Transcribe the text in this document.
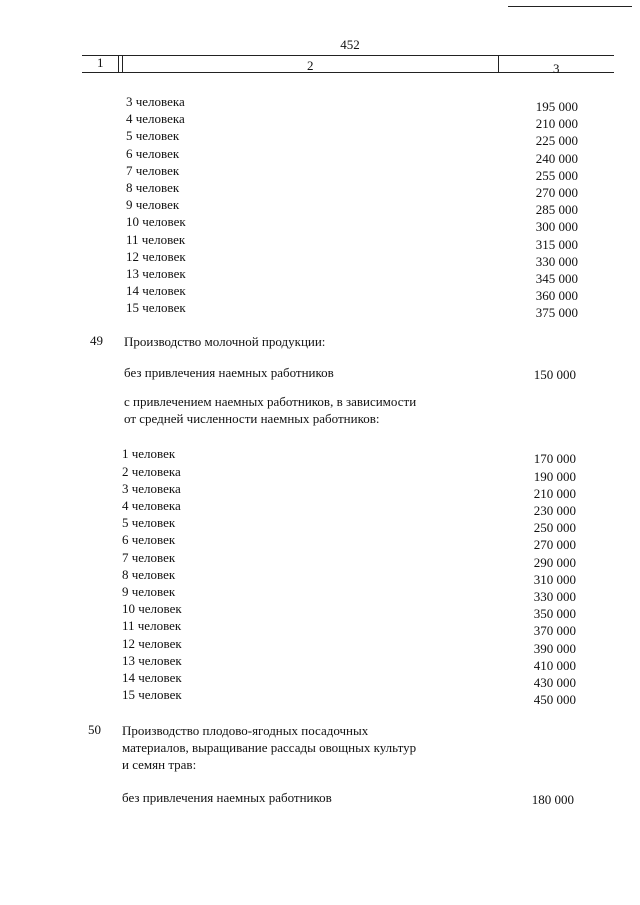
452
1	2	3
3 человека	195 000
4 человека	210 000
5 человек	225 000
6 человек	240 000
7 человек	255 000
8 человек	270 000
9 человек	285 000
10 человек	300 000
11 человек	315 000
12 человек	330 000
13 человек	345 000
14 человек	360 000
15 человек	375 000
49 Производство молочной продукции:
без привлечения наемных работников	150 000
с привлечением наемных работников, в зависимости
от средней численности наемных работников:
1 человек	170 000
2 человека	190 000
3 человека	210 000
4 человека	230 000
5 человек	250 000
6 человек	270 000
7 человек	290 000
8 человек	310 000
9 человек	330 000
10 человек	350 000
11 человек	370 000
12 человек	390 000
13 человек	410 000
14 человек	430 000
15 человек	450 000
50 Производство плодово-ягодных посадочных
материалов, выращивание рассады овощных культур
и семян трав:
без привлечения наемных работников	180 000
